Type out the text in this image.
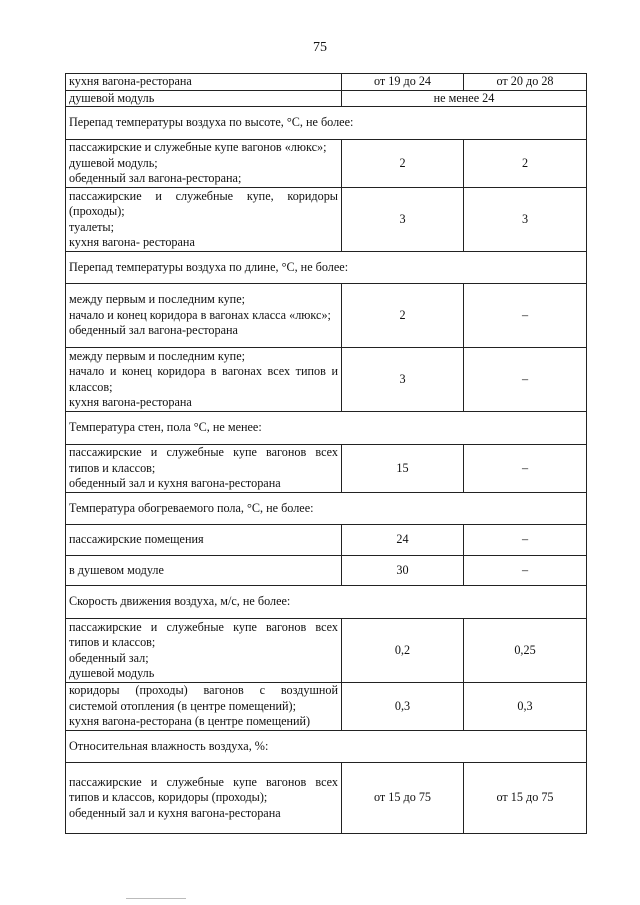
75
кухня вагона-ресторана	от 19 до 24	от 20 до 28

душевой модуль	не менее 24	
Перепад температуры воздуха по высоте, °С, не более:		

пассажирские и служебные купе вагонов «люкс»;
душевой модуль;
обеденный зал вагона-ресторана;	2	2

пассажирские и служебные купе, коридоры (проходы);
туалеты;
кухня вагона- ресторана	3	3
Перепад температуры воздуха по длине, °С, не более:		

между первым и последним купе;
начало и конец коридора в вагонах класса «люкс»;
обеденный зал вагона-ресторана	2	–

между первым и последним купе;
начало и конец коридора в вагонах всех типов и классов;
кухня вагона-ресторана	3	–
Температура стен, пола °С, не менее:		

пассажирские и служебные купе вагонов всех типов и классов;
обеденный зал и кухня вагона-ресторана	15	–
Температура обогреваемого пола, °С, не более:		

пассажирские помещения	24	–

в душевом модуле	30	–
Скорость движения воздуха, м/с, не более:		

пассажирские и служебные купе вагонов всех типов и классов;
обеденный зал;
душевой модуль	0,2	0,25

коридоры (проходы) вагонов с воздушной системой отопления (в центре помещений);
кухня вагона-ресторана (в центре помещений)	0,3	0,3
Относительная влажность воздуха, %:		

пассажирские и служебные купе вагонов всех типов и классов, коридоры (проходы);
обеденный зал и кухня вагона-ресторана	от 15 до 75	от 15 до 75
